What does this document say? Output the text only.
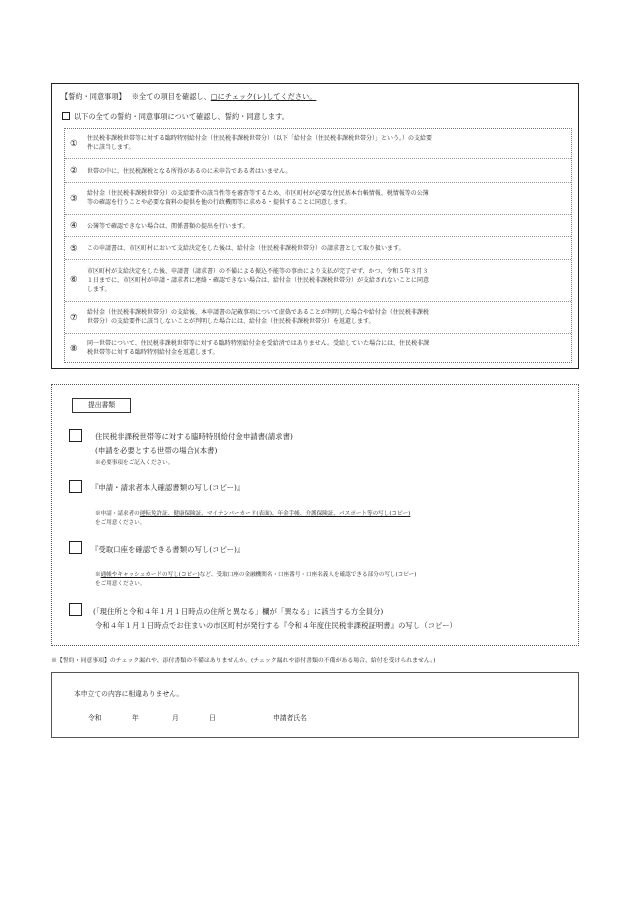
【誓約・同意事項】 ※全ての項目を確認し、□にチェック(レ)してください。
以下の全ての誓約・同意事項について確認し、誓約・同意します。
①
住民税非課税世帯等に対する臨時特別給付金（住民税非課税世帯分）（以下「給付金（住民税非課税世帯分）」という。）の支給要
件に該当します。
② 世帯の中に、住民税課税となる所得があるのに未申告である者はいません。
③
給付金（住民税非課税世帯分）の支給要件の該当性等を審査等するため、市区町村が必要な住民基本台帳情報、税情報等の公簿
等の確認を行うことや必要な資料の提供を他の行政機関等に求める・提供することに同意します。
④ 公簿等で確認できない場合は、関係書類の提出を行います。
⑤ この申請書は、市区町村において支給決定をした後は、給付金（住民税非課税世帯分）の請求書として取り扱います。
⑥
市区町村が支給決定をした後、申請書（請求書）の不備による振込不能等の事由により支払が完了せず、かつ、令和５年３月３
１日までに、市区町村が申請・請求者に連絡・確認できない場合は、給付金（住民税非課税世帯分）が支給されないことに同意
します。
⑦
給付金（住民税非課税世帯分）の支給後、本申請書の記載事項について虚偽であることが判明した場合や給付金（住民税非課税
世帯分）の支給要件に該当しないことが判明した場合には、給付金（住民税非課税世帯分）を返還します。
⑧
同一世帯について、住民税非課税世帯等に対する臨時特別給付金を受給済ではありません。受給していた場合には、住民税非課
税世帯等に対する臨時特別給付金を返還します。
提出書類
住民税非課税世帯等に対する臨時特別給付金申請書(請求書)
(申請を必要とする世帯の場合)(本書)
※必要事項をご記入ください。
『申請・請求者本人確認書類の写し(コピー)』
※申請・請求者の運転免許証、健康保険証、マイナンバーカード(表面)、年金手帳、介護保険証、パスポート等の写し(コピー)
をご用意ください。
『受取口座を確認できる書類の写し(コピー)』
※通帳やキャッシュカードの写し(コピー)など、受取口座の金融機関名・口座番号・口座名義人を確認できる部分の写し(コピー)
をご用意ください。
(「現住所と令和４年１月１日時点の住所と異なる」欄が「異なる」に該当する方全員分)
令和４年１月１日時点でお住まいの市区町村が発行する『令和４年度住民税非課税証明書』の写し（コピー）
※【誓約・同意事項】のチェック漏れや、添付書類の不備はありませんか。(チェック漏れや添付書類の不備がある場合、給付を受けられません。)
本申立ての内容に相違ありません。
令和	年	月	日	申請者氏名
